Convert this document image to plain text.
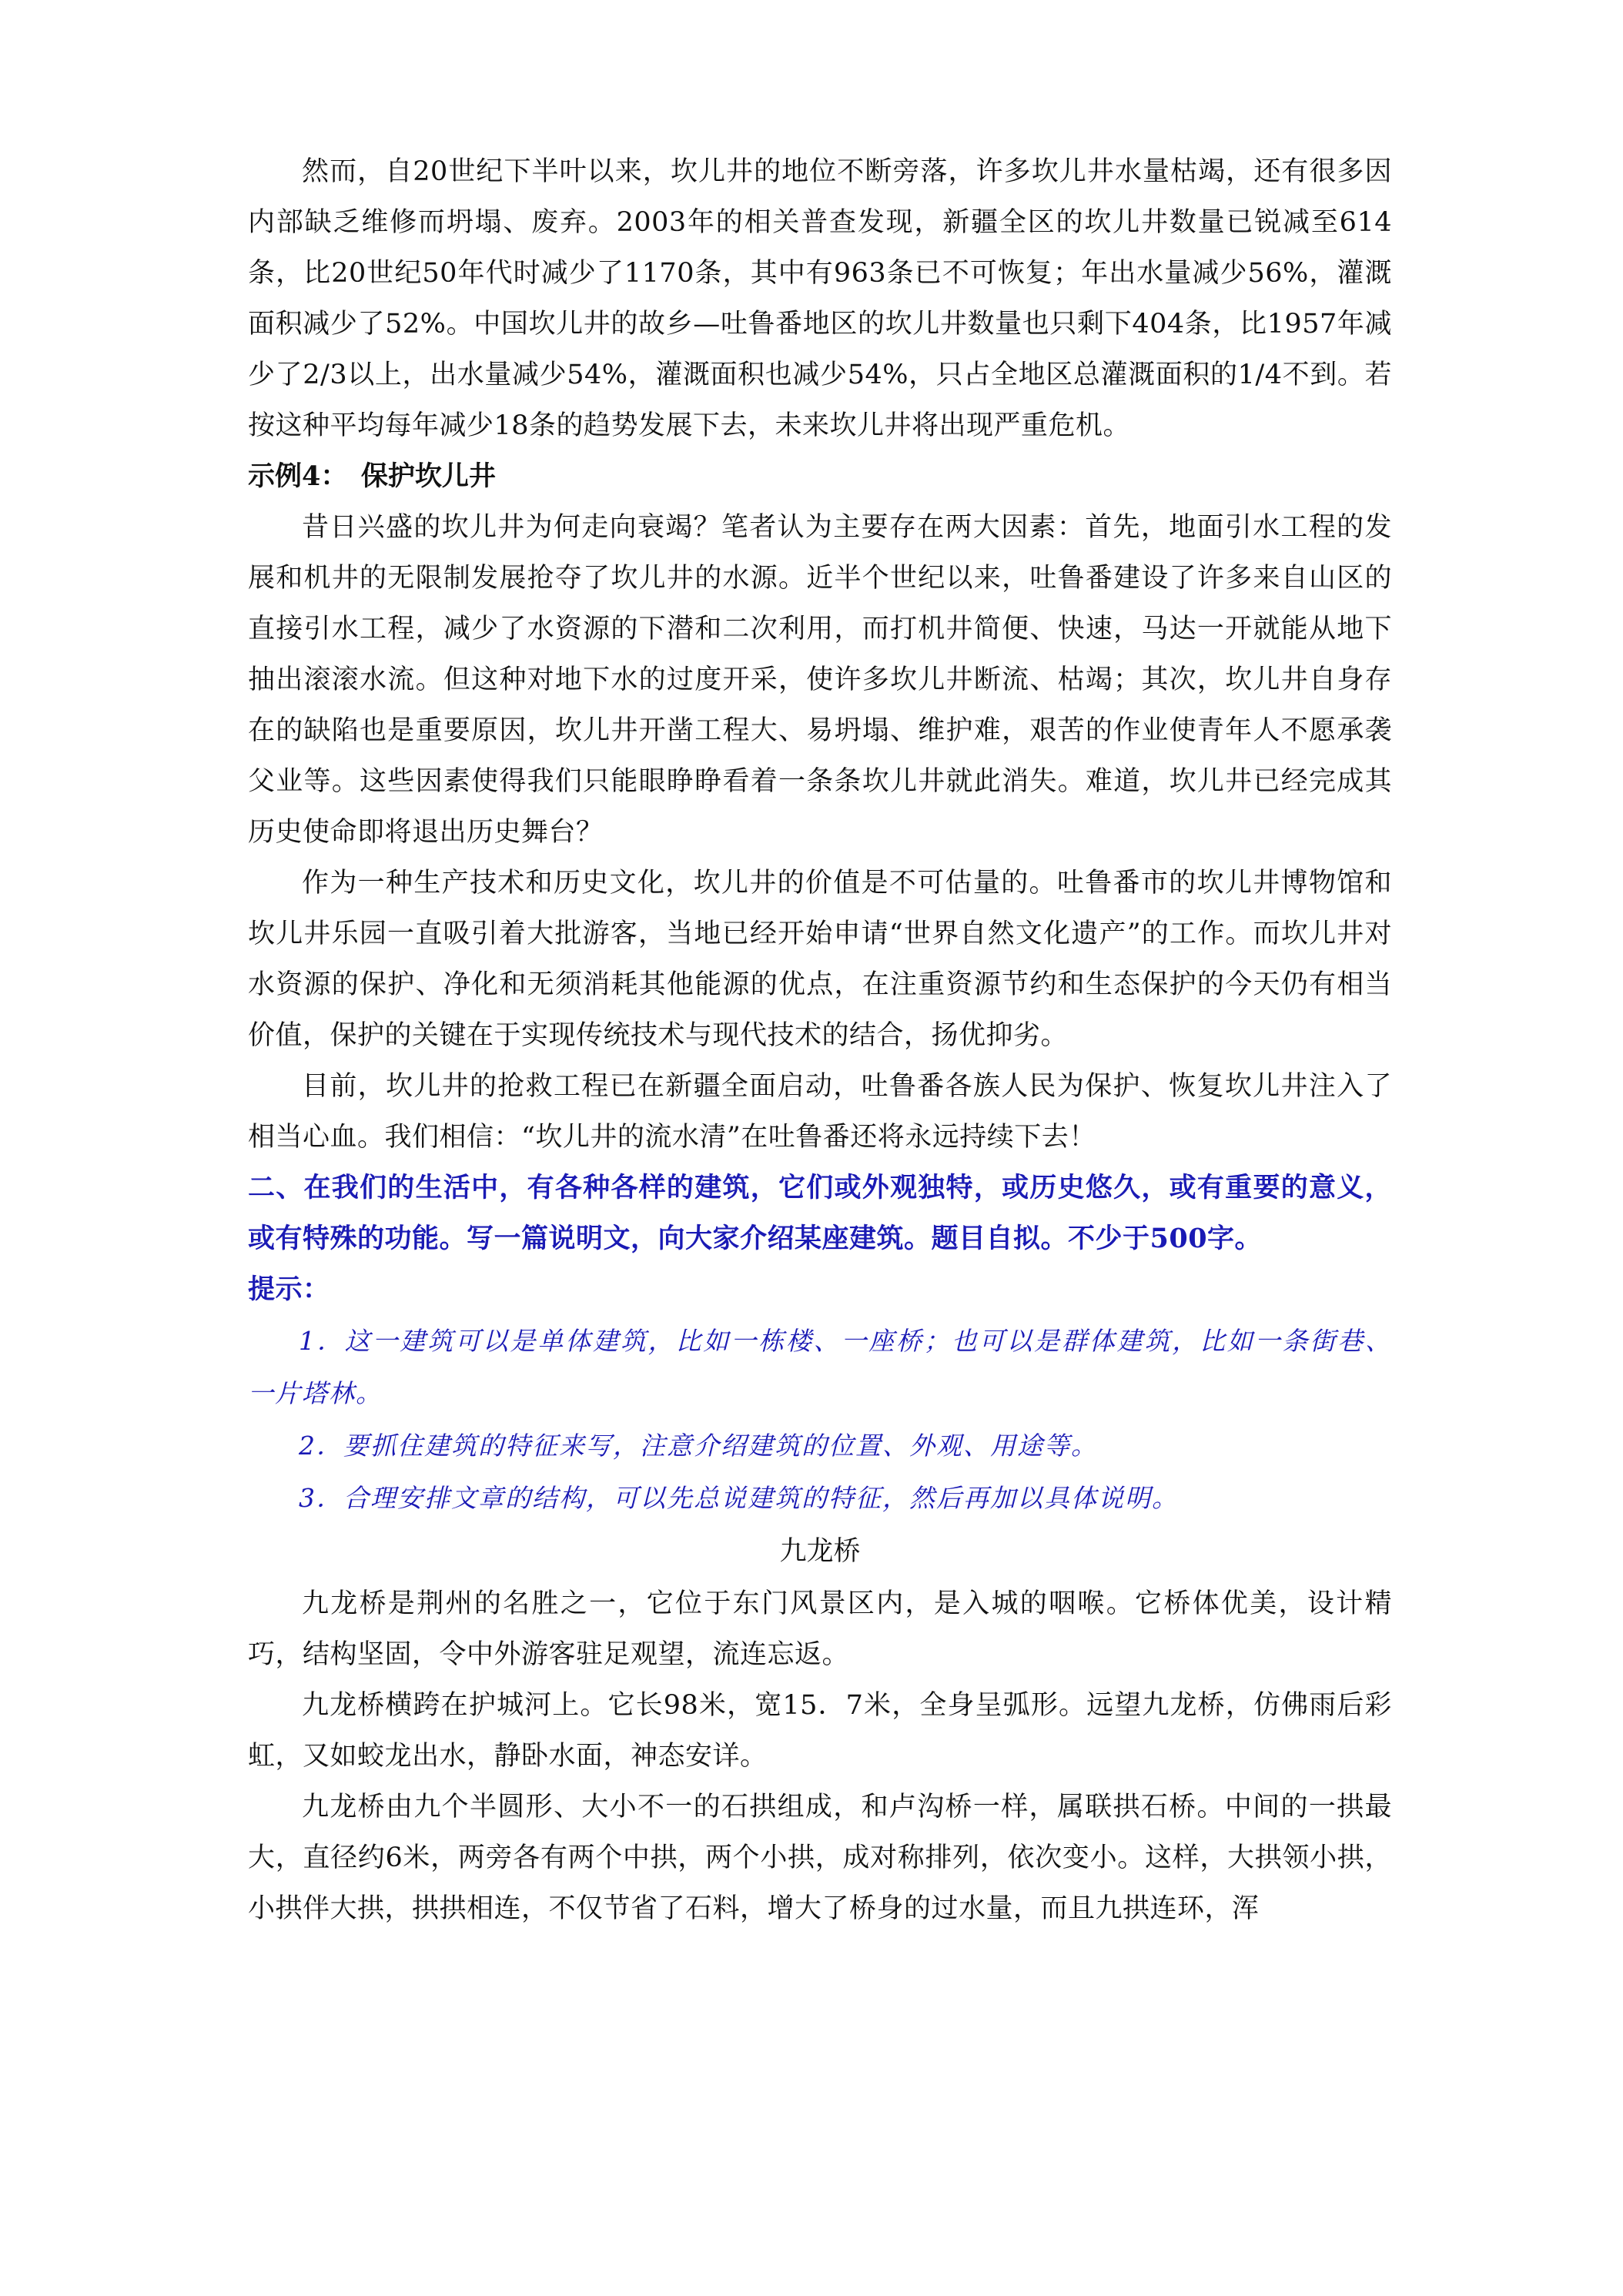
然而，自20世纪下半叶以来，坎儿井的地位不断旁落，许多坎儿井水量枯竭，还有很多因内部缺乏维修而坍塌、废弃。2003年的相关普查发现，新疆全区的坎儿井数量已锐减至614条，比20世纪50年代时减少了1170条，其中有963条已不可恢复；年出水量减少56%，灌溉面积减少了52%。中国坎儿井的故乡—吐鲁番地区的坎儿井数量也只剩下404条，比1957年减少了2/3以上，出水量减少54%，灌溉面积也减少54%，只占全地区总灌溉面积的1/4不到。若按这种平均每年减少18条的趋势发展下去，未来坎儿井将出现严重危机。

示例4：　保护坎儿井

昔日兴盛的坎儿井为何走向衰竭？笔者认为主要存在两大因素：首先，地面引水工程的发展和机井的无限制发展抢夺了坎儿井的水源。近半个世纪以来，吐鲁番建设了许多来自山区的直接引水工程，减少了水资源的下潜和二次利用，而打机井简便、快速，马达一开就能从地下抽出滚滚水流。但这种对地下水的过度开采，使许多坎儿井断流、枯竭；其次，坎儿井自身存在的缺陷也是重要原因，坎儿井开凿工程大、易坍塌、维护难，艰苦的作业使青年人不愿承袭父业等。这些因素使得我们只能眼睁睁看着一条条坎儿井就此消失。难道，坎儿井已经完成其历史使命即将退出历史舞台？

作为一种生产技术和历史文化，坎儿井的价值是不可估量的。吐鲁番市的坎儿井博物馆和坎儿井乐园一直吸引着大批游客，当地已经开始申请“世界自然文化遗产”的工作。而坎儿井对水资源的保护、净化和无须消耗其他能源的优点，在注重资源节约和生态保护的今天仍有相当价值，保护的关键在于实现传统技术与现代技术的结合，扬优抑劣。

目前，坎儿井的抢救工程已在新疆全面启动，吐鲁番各族人民为保护、恢复坎儿井注入了相当心血。我们相信：“坎儿井的流水清”在吐鲁番还将永远持续下去！

二、在我们的生活中，有各种各样的建筑，它们或外观独特，或历史悠久，或有重要的意义，或有特殊的功能。写一篇说明文，向大家介绍某座建筑。题目自拟。不少于500字。

提示：

1．这一建筑可以是单体建筑，比如一栋楼、一座桥；也可以是群体建筑，比如一条街巷、一片塔林。

2．要抓住建筑的特征来写，注意介绍建筑的位置、外观、用途等。

3．合理安排文章的结构，可以先总说建筑的特征，然后再加以具体说明。

九龙桥

九龙桥是荆州的名胜之一，它位于东门风景区内，是入城的咽喉。它桥体优美，设计精巧，结构坚固，令中外游客驻足观望，流连忘返。

九龙桥横跨在护城河上。它长98米，宽15．7米，全身呈弧形。远望九龙桥，仿佛雨后彩虹，又如蛟龙出水，静卧水面，神态安详。

九龙桥由九个半圆形、大小不一的石拱组成，和卢沟桥一样，属联拱石桥。中间的一拱最大，直径约6米，两旁各有两个中拱，两个小拱，成对称排列，依次变小。这样，大拱领小拱，小拱伴大拱，拱拱相连，不仅节省了石料，增大了桥身的过水量，而且九拱连环，浑
